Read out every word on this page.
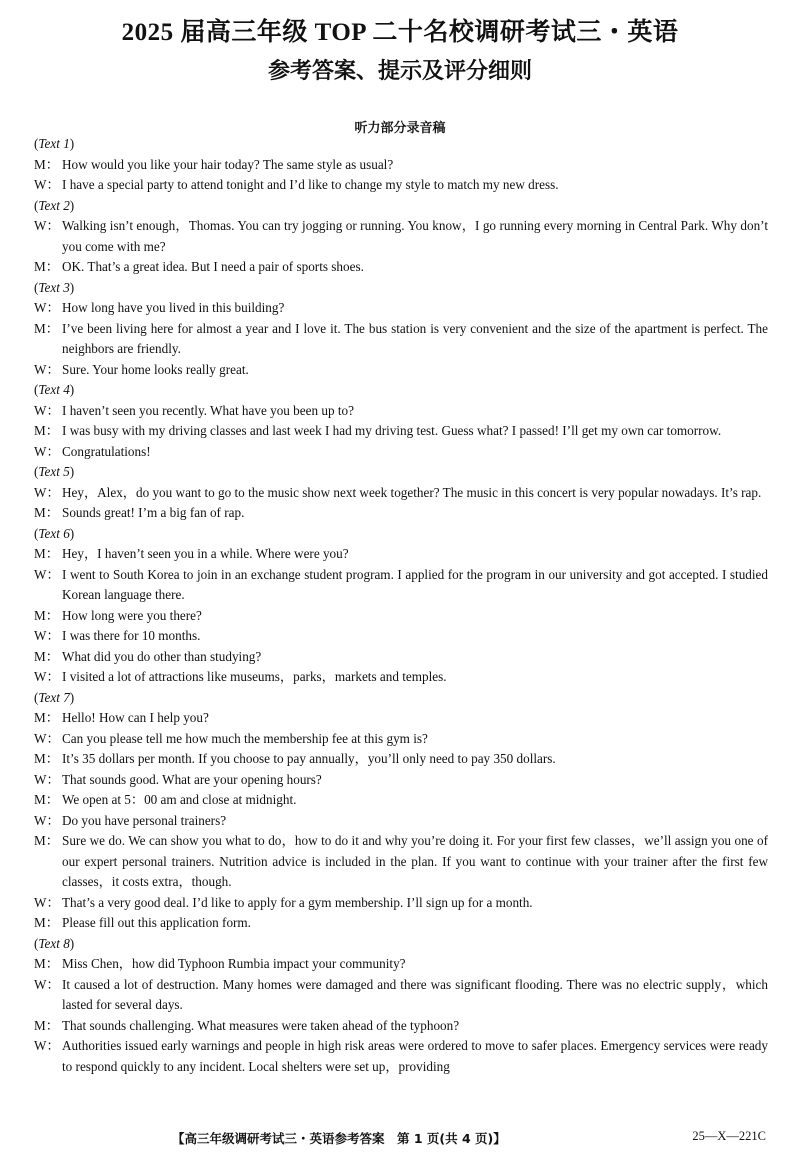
2025 届高三年级 TOP 二十名校调研考试三・英语
参考答案、提示及评分细则
听力部分录音稿
(Text 1)
M： How would you like your hair today? The same style as usual?
W： I have a special party to attend tonight and I’d like to change my style to match my new dress.
(Text 2)
W： Walking isn’t enough，Thomas. You can try jogging or running. You know，I go running every morning in Central Park. Why don’t you come with me?
M： OK. That’s a great idea. But I need a pair of sports shoes.
(Text 3)
W： How long have you lived in this building?
M： I’ve been living here for almost a year and I love it. The bus station is very convenient and the size of the apartment is perfect. The neighbors are friendly.
W： Sure. Your home looks really great.
(Text 4)
W： I haven’t seen you recently. What have you been up to?
M： I was busy with my driving classes and last week I had my driving test. Guess what? I passed! I’ll get my own car tomorrow.
W： Congratulations!
(Text 5)
W： Hey，Alex，do you want to go to the music show next week together? The music in this concert is very popular nowadays. It’s rap.
M： Sounds great! I’m a big fan of rap.
(Text 6)
M： Hey，I haven’t seen you in a while. Where were you?
W： I went to South Korea to join in an exchange student program. I applied for the program in our university and got accepted. I studied Korean language there.
M： How long were you there?
W： I was there for 10 months.
M： What did you do other than studying?
W： I visited a lot of attractions like museums，parks，markets and temples.
(Text 7)
M： Hello! How can I help you?
W： Can you please tell me how much the membership fee at this gym is?
M： It’s 35 dollars per month. If you choose to pay annually，you’ll only need to pay 350 dollars.
W： That sounds good. What are your opening hours?
M： We open at 5：00 am and close at midnight.
W： Do you have personal trainers?
M： Sure we do. We can show you what to do，how to do it and why you’re doing it. For your first few classes，we’ll assign you one of our expert personal trainers. Nutrition advice is included in the plan. If you want to continue with your trainer after the first few classes，it costs extra，though.
W： That’s a very good deal. I’d like to apply for a gym membership. I’ll sign up for a month.
M： Please fill out this application form.
(Text 8)
M： Miss Chen，how did Typhoon Rumbia impact your community?
W： It caused a lot of destruction. Many homes were damaged and there was significant flooding. There was no electric supply，which lasted for several days.
M： That sounds challenging. What measures were taken ahead of the typhoon?
W： Authorities issued early warnings and people in high risk areas were ordered to move to safer places. Emergency services were ready to respond quickly to any incident. Local shelters were set up，providing
【高三年级调研考试三・英语参考答案　第 1 页(共 4 页)】	25—X—221C
